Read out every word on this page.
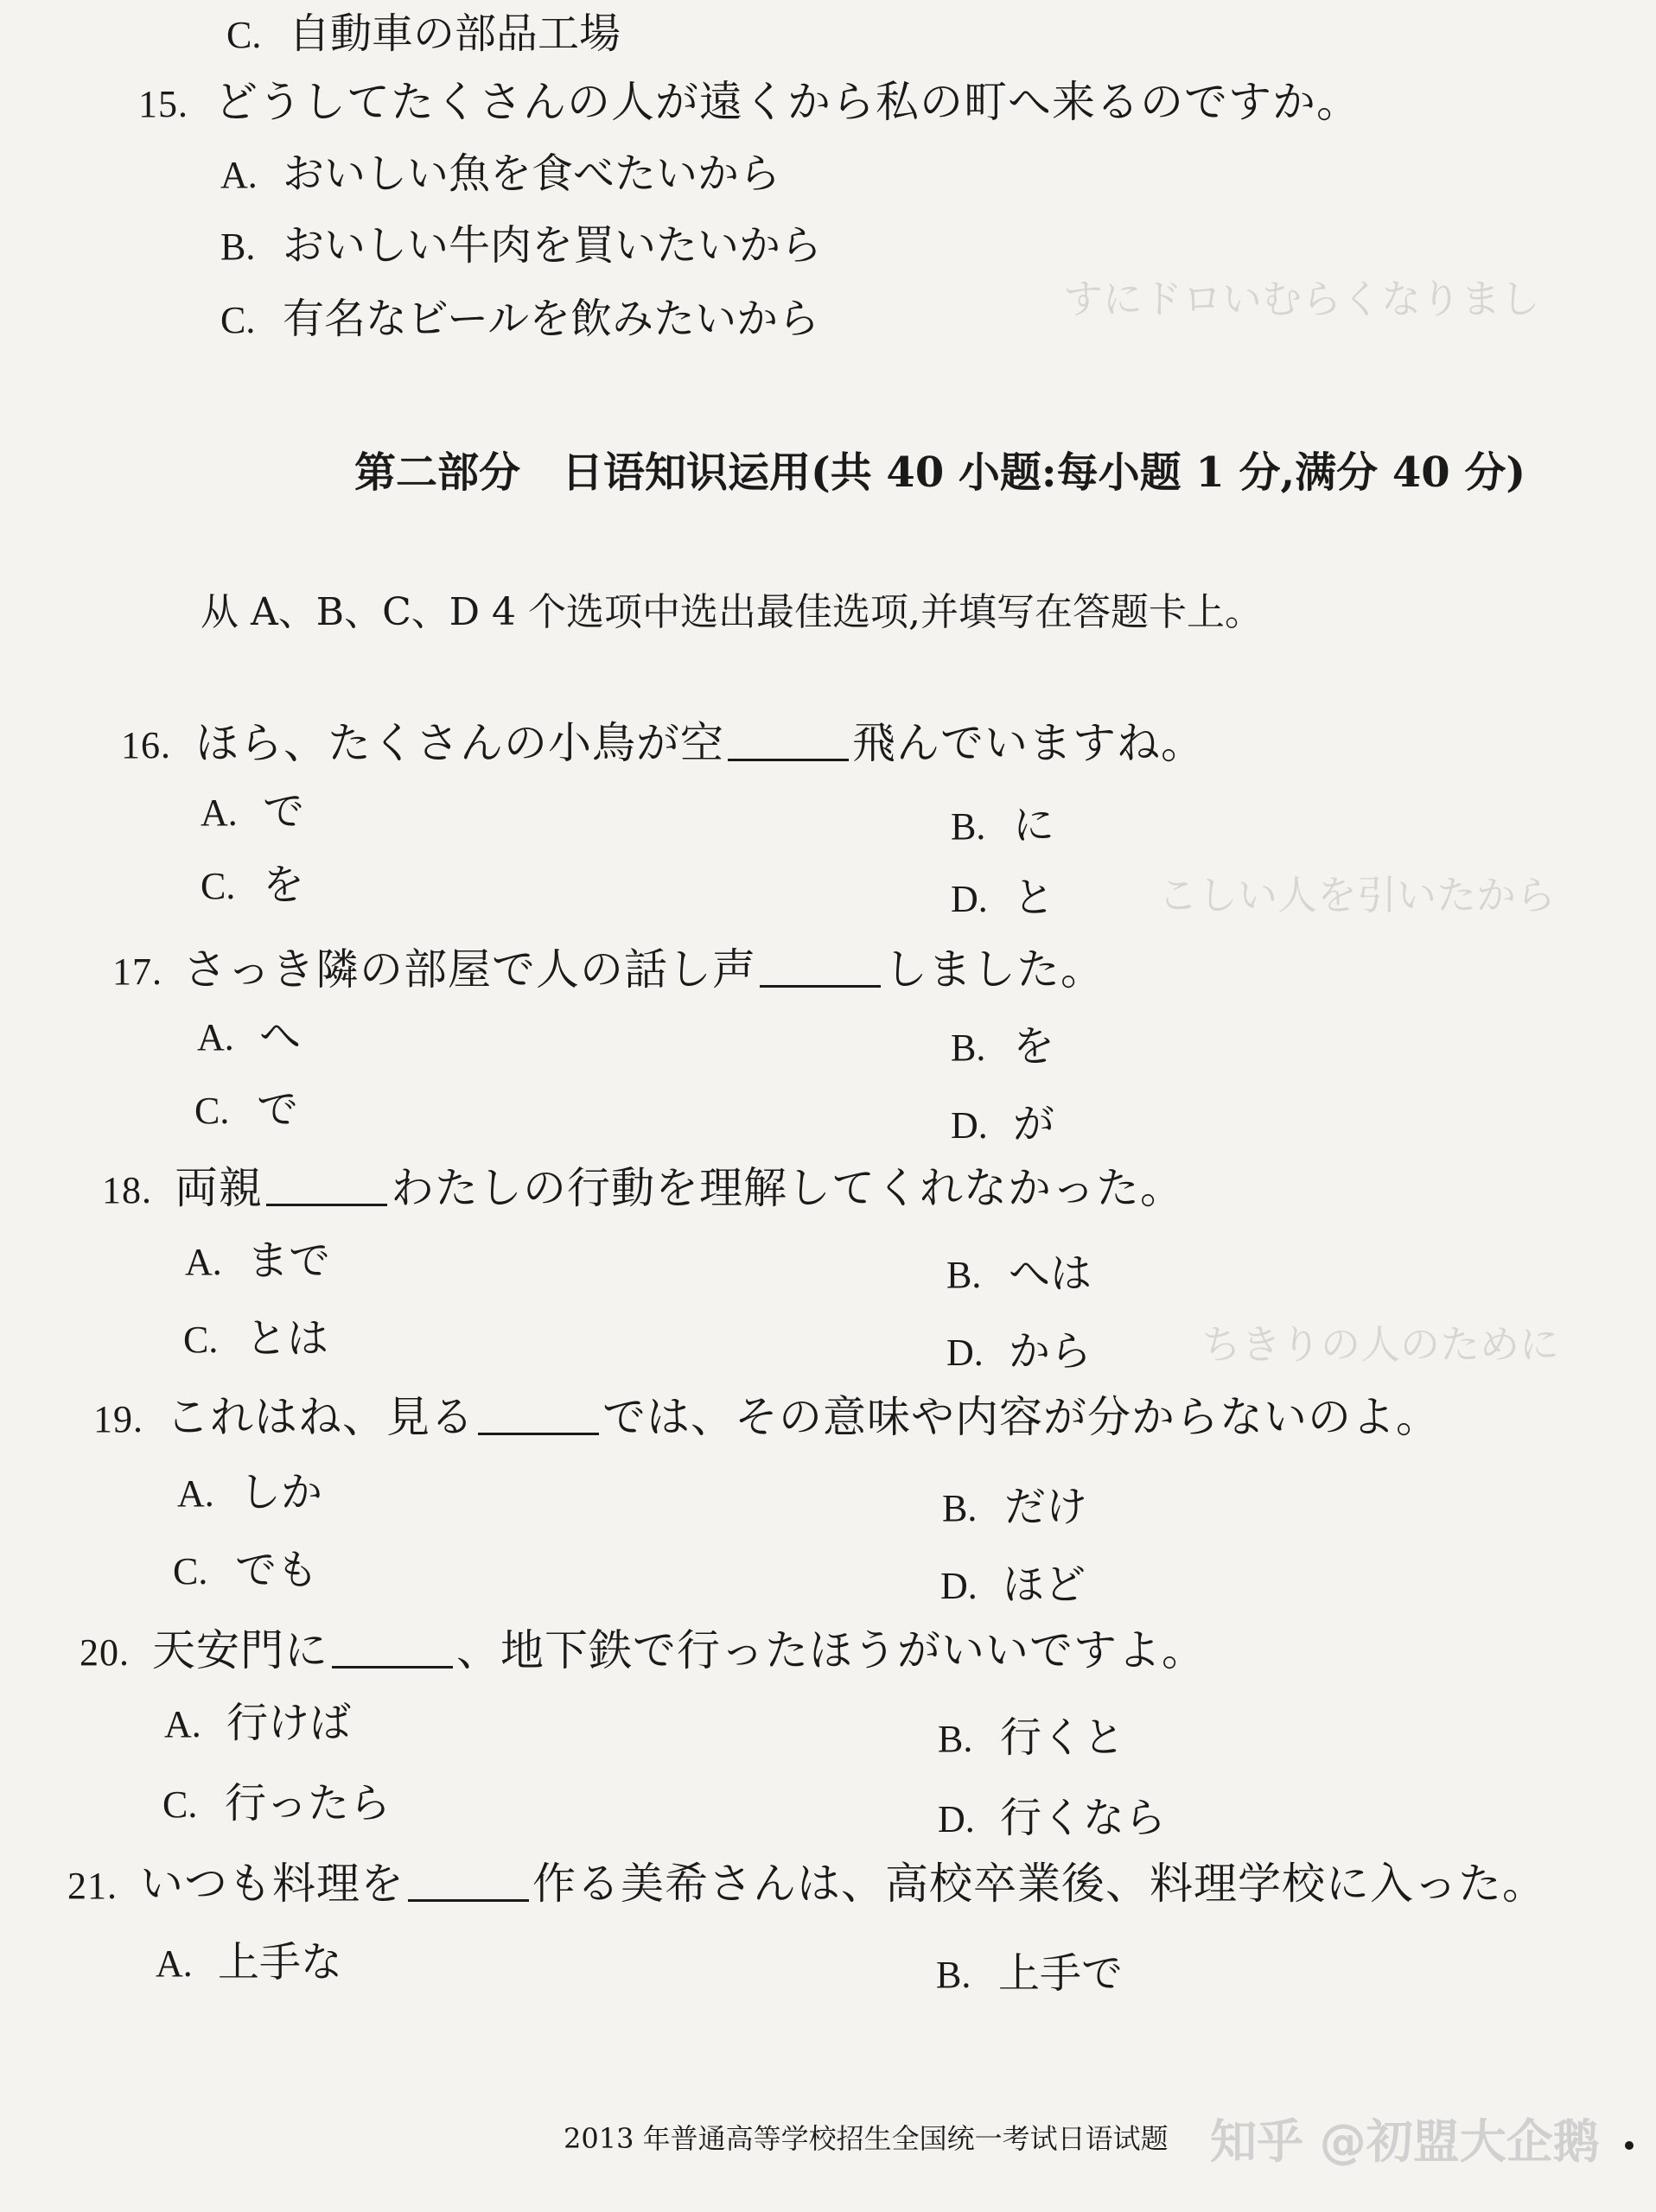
すにドロいむらくなりまし
こしい人を引いたから
ちきりの人のために
C. 自動車の部品工場
15. どうしてたくさんの人が遠くから私の町へ来るのですか。
A. おいしい魚を食べたいから
B. おいしい牛肉を買いたいから
C. 有名なビールを飲みたいから
第二部分　日语知识运用(共 40 小题:每小题 1 分,满分 40 分)
从 A、B、C、D 4 个选项中选出最佳选项,并填写在答题卡上。
16. ほら、たくさんの小鳥が空	飛んでいますね。
A. で	B. に
C. を	D. と
17. さっき隣の部屋で人の話し声	しました。
A. へ	B. を
C. で	D. が
18. 両親	わたしの行動を理解してくれなかった。
A. まで	B. へは
C. とは	D. から
19. これはね、見る	では、その意味や内容が分からないのよ。
A. しか	B. だけ
C. でも	D. ほど
20. 天安門に	、地下鉄で行ったほうがいいですよ。
A. 行けば	B. 行くと
C. 行ったら	D. 行くなら
21. いつも料理を	作る美希さんは、高校卒業後、料理学校に入った。
A. 上手な	B. 上手で
2013 年普通高等学校招生全国统一考试日语试题 知乎 @初盟大企鹅
